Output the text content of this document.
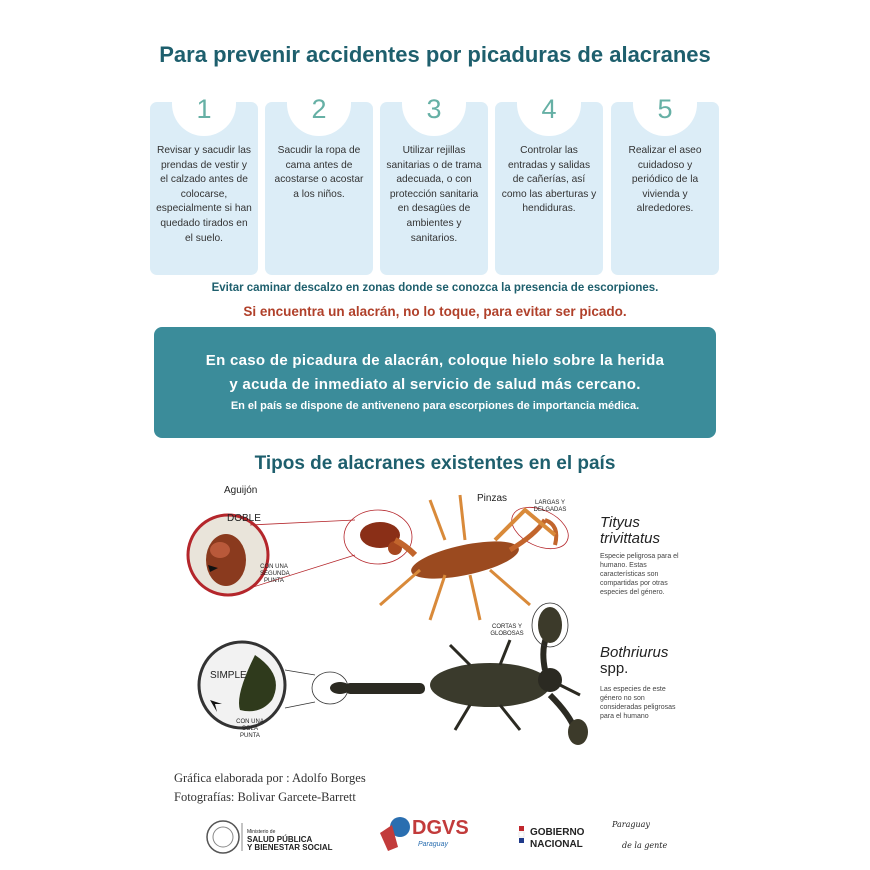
Para prevenir accidentes por picaduras de alacranes
1
Revisar y sacudir las prendas de vestir y el calzado antes de colocarse, especialmente si han quedado tirados en el suelo.
2
Sacudir la ropa de cama antes de acostarse o acostar a los niños.
3
Utilizar rejillas sanitarias o de trama adecuada, o con protección sanitaria en desagües de ambientes y sanitarios.
4
Controlar las entradas y salidas de cañerías, así como las aberturas y hendiduras.
5
Realizar el aseo cuidadoso y periódico de la vivienda y alrededores.
Evitar caminar descalzo en zonas donde se conozca la presencia de escorpiones.
Si encuentra un alacrán, no lo toque, para evitar ser picado.
En caso de picadura de alacrán, coloque hielo sobre la herida
y acuda de inmediato al servicio de salud más cercano.
En el país se dispone de antiveneno para escorpiones de importancia médica.
Tipos de alacranes existentes en el país
Aguijón
Pinzas	LARGAS Y DELGADAS
DOBLE
CON UNA SEGUNDA PUNTA
CORTAS Y GLOBOSAS
SIMPLE
CON UNA SOLA PUNTA
Tityus
trivittatus
Especie peligrosa para el humano. Estas características son compartidas por otras especies del género.
Bothriurus
spp.
Las especies de este género no son consideradas peligrosas para el humano
Gráfica elaborada por : Adolfo Borges
Fotografías: Bolivar Garcete-Barrett
Ministerio de
SALUD PÚBLICA
Y BIENESTAR SOCIAL
DGVS
Paraguay
GOBIERNO
NACIONAL
Paraguay
de la gente
